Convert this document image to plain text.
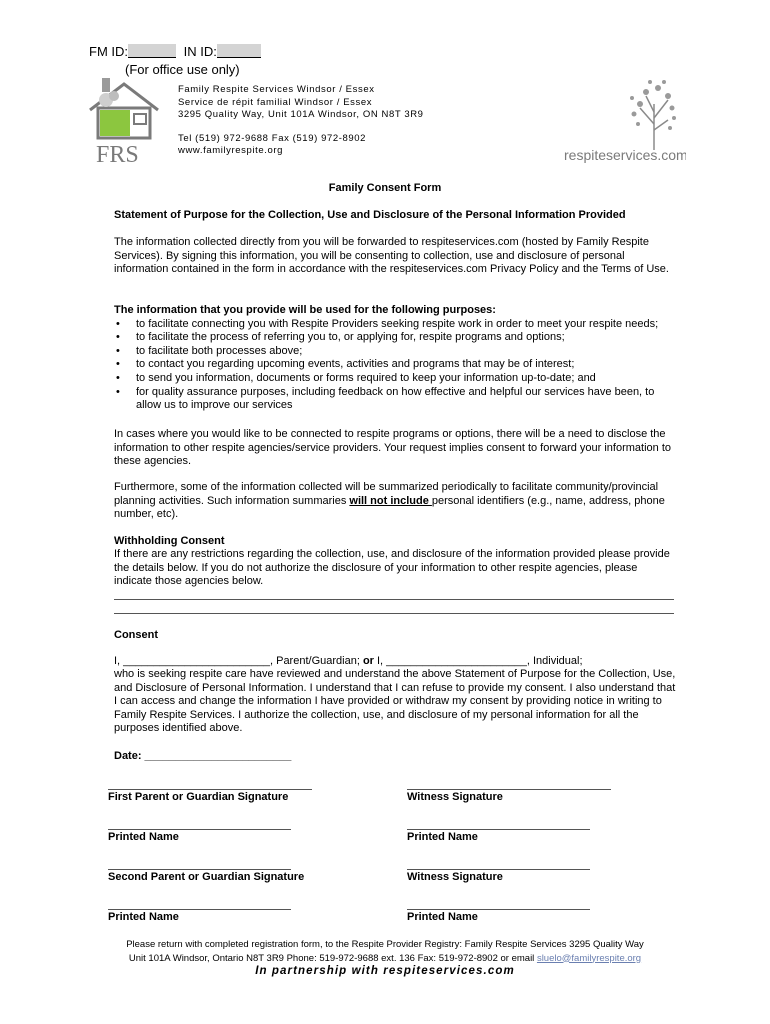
FM ID:	IN ID:
(For office use only)
FRS
Family Respite Services Windsor / Essex
Service de répit familial Windsor / Essex
3295 Quality Way, Unit 101A Windsor, ON N8T 3R9
Tel (519) 972-9688 Fax (519) 972-8902
www.familyrespite.org	respiteservices.com
Family Consent Form
Statement of Purpose for the Collection, Use and Disclosure of the Personal Information Provided
The information collected directly from you will be forwarded to respiteservices.com (hosted by Family Respite Services). By signing this information, you will be consenting to collection, use and disclosure of personal information contained in the form in accordance with the respiteservices.com Privacy Policy and the Terms of Use.
The information that you provide will be used for the following purposes:
• to facilitate connecting you with Respite Providers seeking respite work in order to meet your respite needs;
• to facilitate the process of referring you to, or applying for, respite programs and options;
• to facilitate both processes above;
• to contact you regarding upcoming events, activities and programs that may be of interest;
• to send you information, documents or forms required to keep your information up-to-date; and
• for quality assurance purposes, including feedback on how effective and helpful our services have been, to allow us to improve our services
In cases where you would like to be connected to respite programs or options, there will be a need to disclose the information to other respite agencies/service providers. Your request implies consent to forward your information to these agencies.
Furthermore, some of the information collected will be summarized periodically to facilitate community/provincial planning activities. Such information summaries will not include personal identifiers (e.g., name, address, phone number, etc).
Withholding Consent
If there are any restrictions regarding the collection, use, and disclosure of the information provided please provide the details below. If you do not authorize the disclosure of your information to other respite agencies, please indicate those agencies below.
Consent
I, ________________________, Parent/Guardian; or I, _______________________, Individual;
who is seeking respite care have reviewed and understand the above Statement of Purpose for the Collection, Use, and Disclosure of Personal Information. I understand that I can refuse to provide my consent. I also understand that I can access and change the information I have provided or withdraw my consent by providing notice in writing to Family Respite Services. I authorize the collection, use, and disclosure of my personal information for all the purposes identified above.
Date: ________________________
First Parent or Guardian Signature	Witness Signature
Printed Name	Printed Name
Second Parent or Guardian Signature	Witness Signature
Printed Name	Printed Name
Please return with completed registration form, to the Respite Provider Registry: Family Respite Services 3295 Quality Way
Unit 101A Windsor, Ontario N8T 3R9 Phone: 519-972-9688 ext. 136 Fax: 519-972-8902 or email sluelo@familyrespite.org
In partnership with respiteservices.com
